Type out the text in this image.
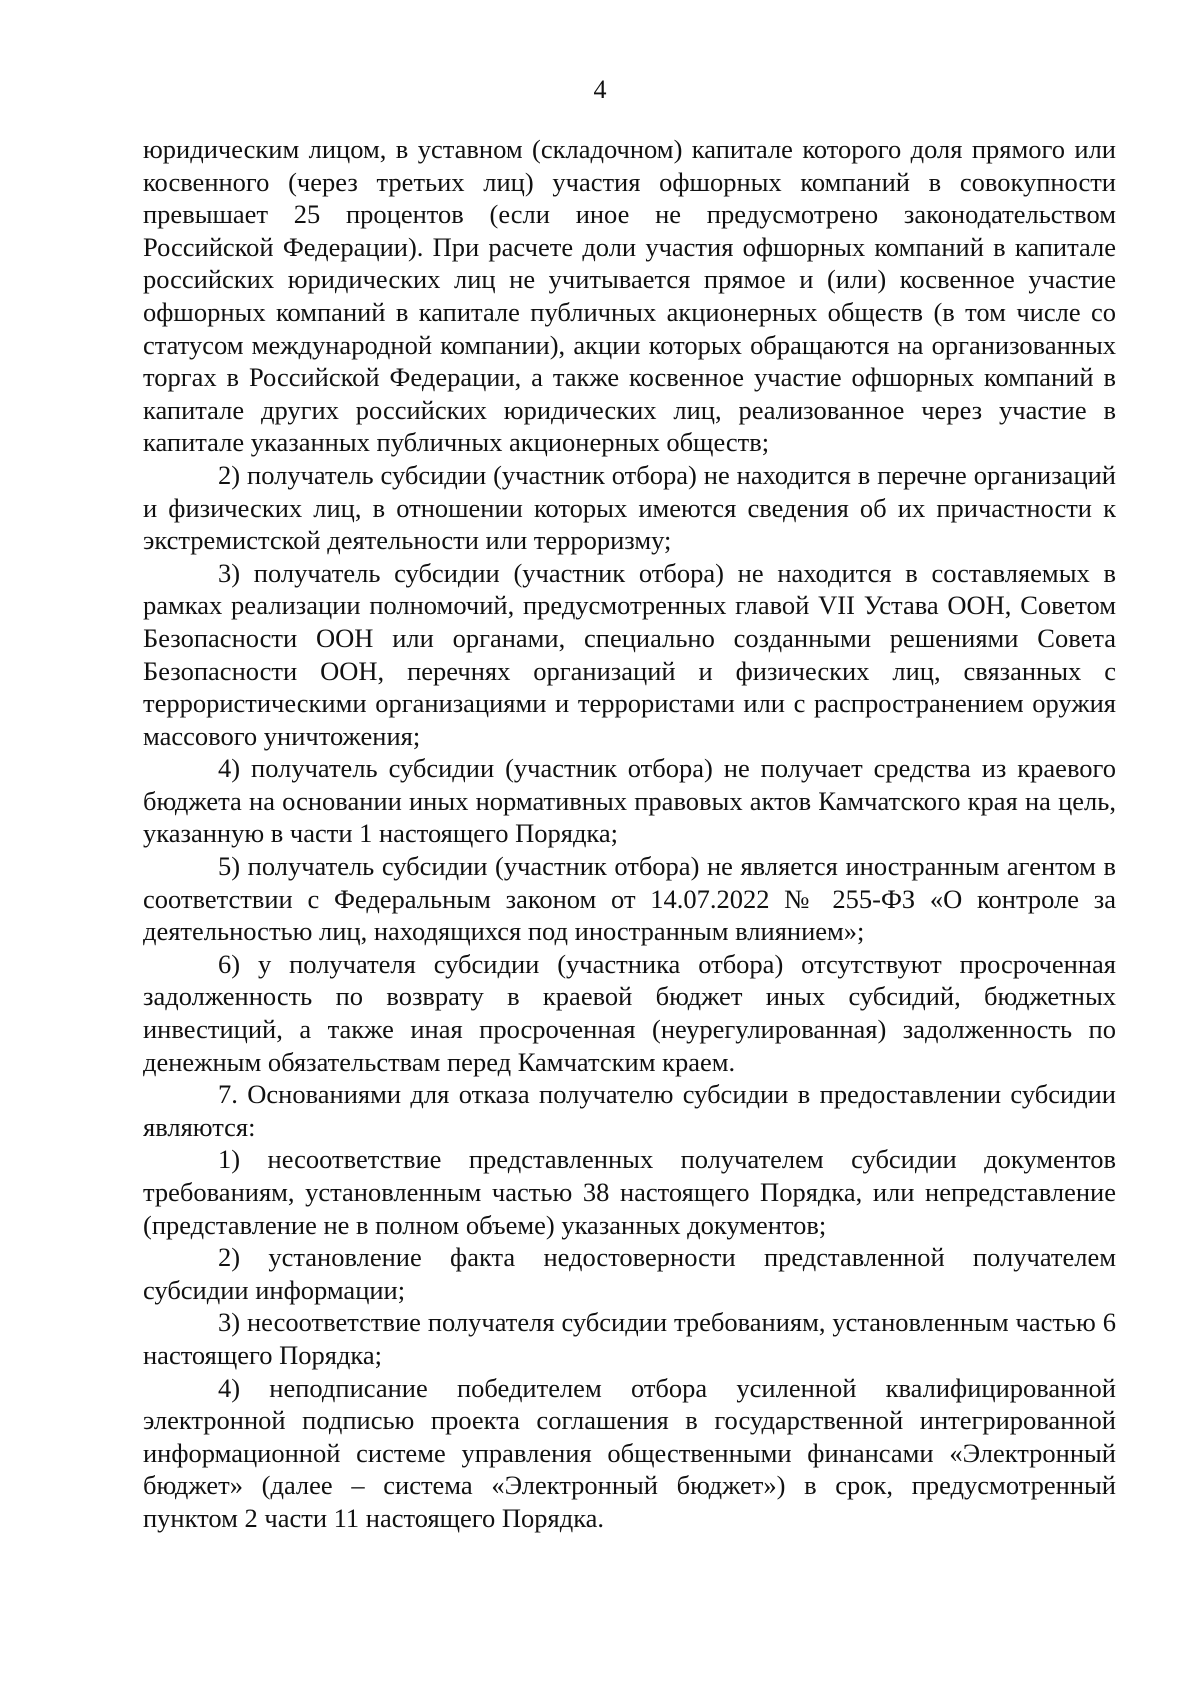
4

юридическим лицом, в уставном (складочном) капитале которого доля прямого или косвенного (через третьих лиц) участия офшорных компаний в совокупности превышает 25 процентов (если иное не предусмотрено законодательством Российской Федерации). При расчете доли участия офшорных компаний в капитале российских юридических лиц не учитывается прямое и (или) косвенное участие офшорных компаний в капитале публичных акционерных обществ (в том числе со статусом международной компании), акции которых обращаются на организованных торгах в Российской Федерации, а также косвенное участие офшорных компаний в капитале других российских юридических лиц, реализованное через участие в капитале указанных публичных акционерных обществ;

2) получатель субсидии (участник отбора) не находится в перечне организаций и физических лиц, в отношении которых имеются сведения об их причастности к экстремистской деятельности или терроризму;

3) получатель субсидии (участник отбора) не находится в составляемых в рамках реализации полномочий, предусмотренных главой VII Устава ООН, Советом Безопасности ООН или органами, специально созданными решениями Совета Безопасности ООН, перечнях организаций и физических лиц, связанных с террористическими организациями и террористами или с распространением оружия массового уничтожения;

4) получатель субсидии (участник отбора) не получает средства из краевого бюджета на основании иных нормативных правовых актов Камчатского края на цель, указанную в части 1 настоящего Порядка;

5) получатель субсидии (участник отбора) не является иностранным агентом в соответствии с Федеральным законом от 14.07.2022 № 255-ФЗ «О контроле за деятельностью лиц, находящихся под иностранным влиянием»;

6) у получателя субсидии (участника отбора) отсутствуют просроченная задолженность по возврату в краевой бюджет иных субсидий, бюджетных инвестиций, а также иная просроченная (неурегулированная) задолженность по денежным обязательствам перед Камчатским краем.

7. Основаниями для отказа получателю субсидии в предоставлении субсидии являются:

1) несоответствие представленных получателем субсидии документов требованиям, установленным частью 38 настоящего Порядка, или непредставление (представление не в полном объеме) указанных документов;

2) установление факта недостоверности представленной получателем субсидии информации;

3) несоответствие получателя субсидии требованиям, установленным частью 6 настоящего Порядка;

4) неподписание победителем отбора усиленной квалифицированной электронной подписью проекта соглашения в государственной интегрированной информационной системе управления общественными финансами «Электронный бюджет» (далее – система «Электронный бюджет») в срок, предусмотренный пунктом 2 части 11 настоящего Порядка.
